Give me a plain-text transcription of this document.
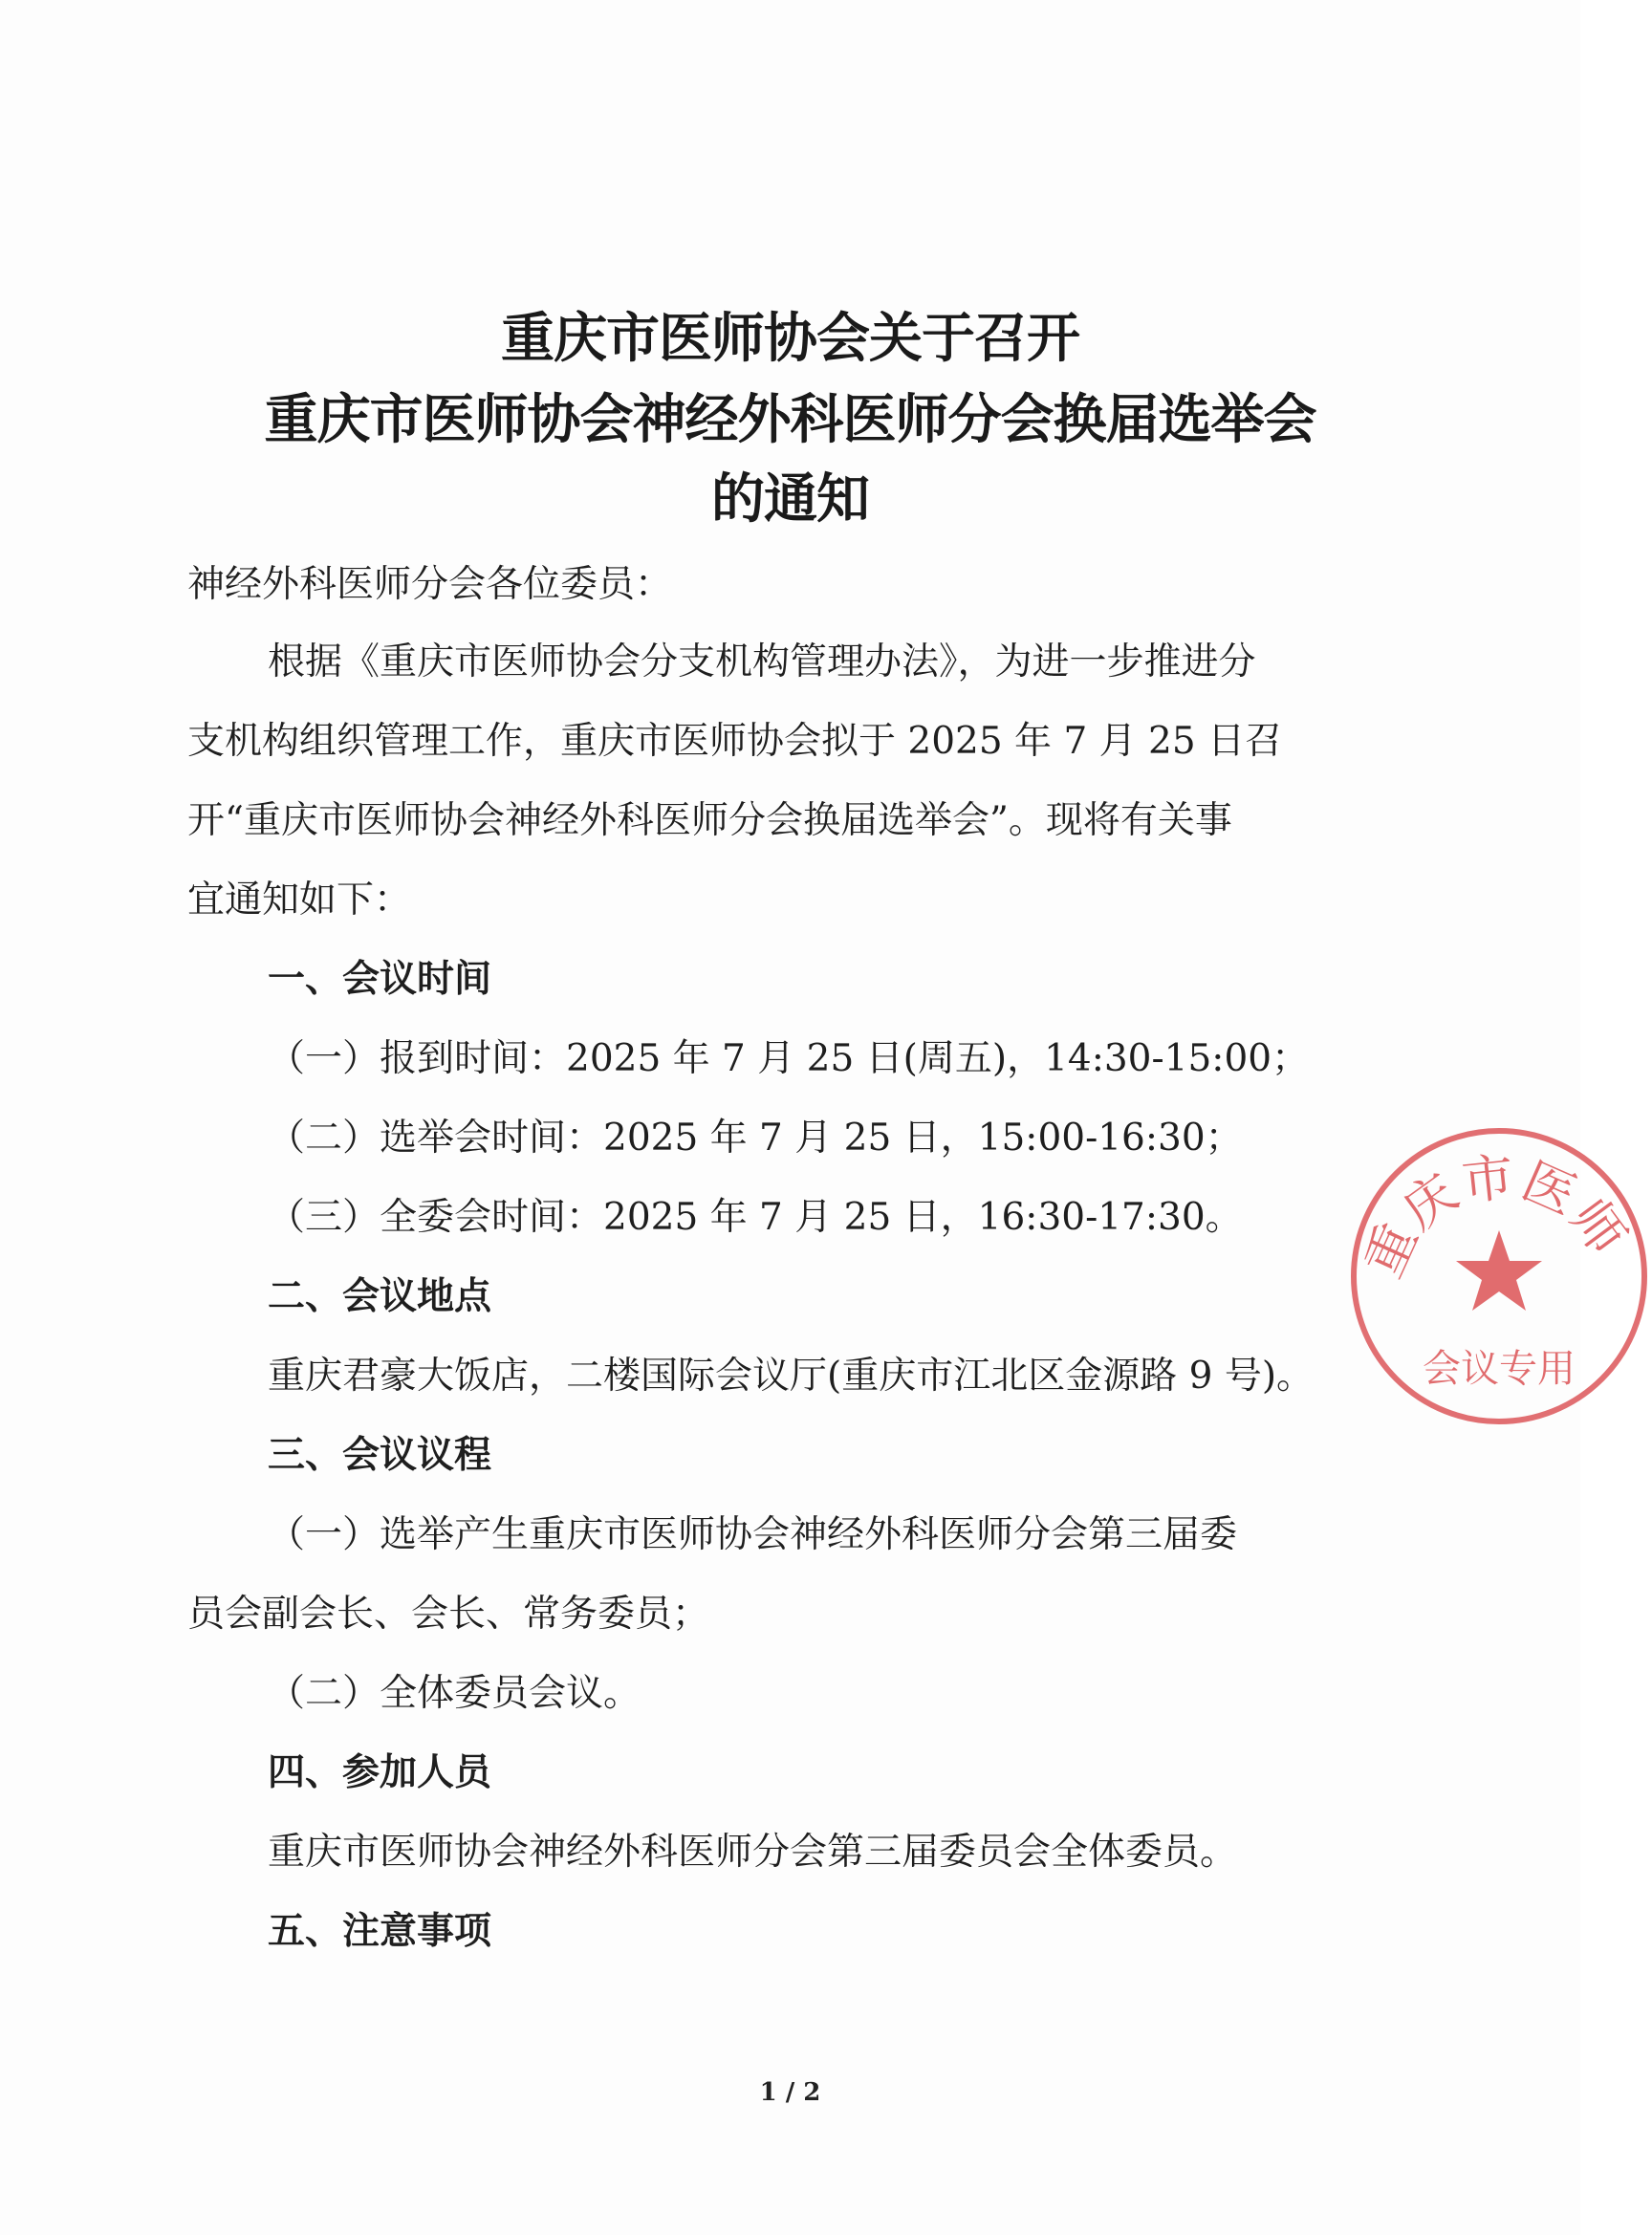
重庆市医师协会关于召开
重庆市医师协会神经外科医师分会换届选举会
的通知
神经外科医师分会各位委员：
根据《重庆市医师协会分支机构管理办法》，为进一步推进分
支机构组织管理工作，重庆市医师协会拟于 2025 年 7 月 25 日召
开“重庆市医师协会神经外科医师分会换届选举会”。现将有关事
宜通知如下：
一、会议时间
（一）报到时间：2025 年 7 月 25 日(周五)，14:30-15:00；
（二）选举会时间：2025 年 7 月 25 日，15:00-16:30；
（三）全委会时间：2025 年 7 月 25 日，16:30-17:30。
二、会议地点
重庆君豪大饭店，二楼国际会议厅(重庆市江北区金源路 9 号)。
三、会议议程
（一）选举产生重庆市医师协会神经外科医师分会第三届委
员会副会长、会长、常务委员；
（二）全体委员会议。
四、参加人员
重庆市医师协会神经外科医师分会第三届委员会全体委员。
五、注意事项
重庆市医师
会议专用
1 / 2
